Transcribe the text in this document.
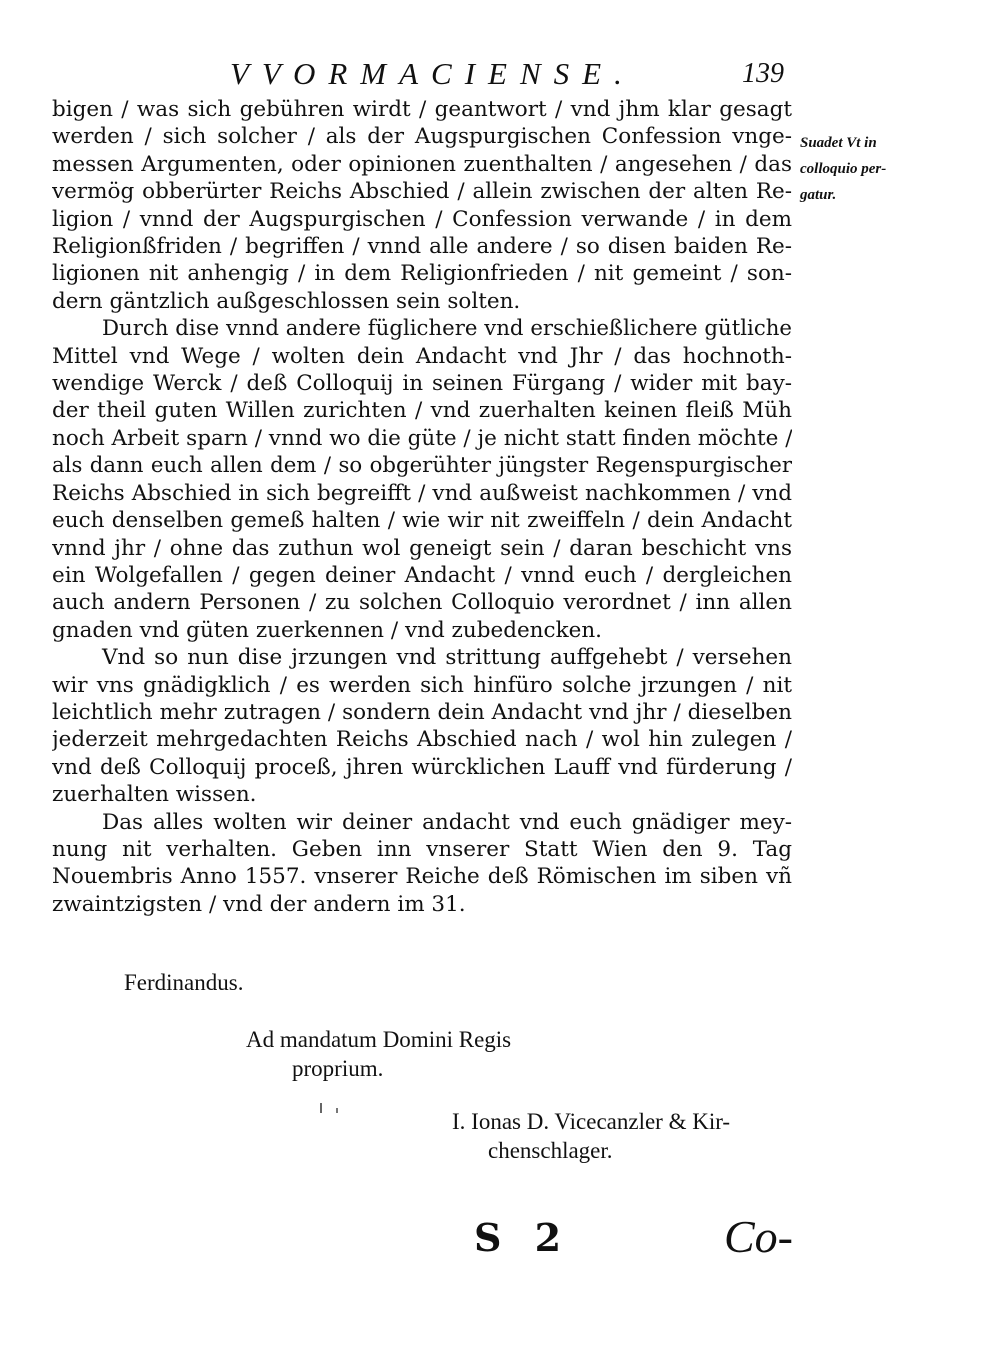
VVORMACIENSE.	139
bigen / was sich gebühren wirdt / geantwort / vnd jhm klar gesagt
werden / sich solcher / als der Augspurgischen Confession vnge-
messen Argumenten, oder opinionen zuenthalten / angesehen / das
vermög obberürter Reichs Abschied / allein zwischen der alten Re-
ligion / vnnd der Augspurgischen / Confession verwande / in dem
Religionßfriden / begriffen / vnnd alle andere / so disen baiden Re-
ligionen nit anhengig / in dem Religionfrieden / nit gemeint / son-
dern gäntzlich außgeschlossen sein solten.
Durch dise vnnd andere füglichere vnd erschießlichere gütliche
Mittel vnd Wege / wolten dein Andacht vnd Jhr / das hochnoth-
wendige Werck / deß Colloquij in seinen Fürgang / wider mit bay-
der theil guten Willen zurichten / vnd zuerhalten keinen fleiß Müh
noch Arbeit sparn / vnnd wo die güte / je nicht statt finden möchte /
als dann euch allen dem / so obgerühter jüngster Regenspurgischer
Reichs Abschied in sich begreifft / vnd außweist nachkommen / vnd
euch denselben gemeß halten / wie wir nit zweiffeln / dein Andacht
vnnd jhr / ohne das zuthun wol geneigt sein / daran beschicht vns
ein Wolgefallen / gegen deiner Andacht / vnnd euch / dergleichen
auch andern Personen / zu solchen Colloquio verordnet / inn allen
gnaden vnd güten zuerkennen / vnd zubedencken.
Vnd so nun dise jrzungen vnd strittung auffgehebt / versehen
wir vns gnädigklich / es werden sich hinfüro solche jrzungen / nit
leichtlich mehr zutragen / sondern dein Andacht vnd jhr / dieselben
jederzeit mehrgedachten Reichs Abschied nach / wol hin zulegen /
vnd deß Colloquij proceß, jhren würcklichen Lauff vnd fürderung /
zuerhalten wissen.
Das alles wolten wir deiner andacht vnd euch gnädiger mey-
nung nit verhalten. Geben inn vnserer Statt Wien den 9. Tag
Nouembris Anno 1557. vnserer Reiche deß Römischen im siben vñ
zwaintzigsten / vnd der andern im 31.
Suadet Vt in
colloquio per-
gatur.
Ferdinandus.
Ad mandatum Domini Regis
proprium.
I. Ionas D. Vicecanzler & Kir-
chenschlager.
S 2	Co-
